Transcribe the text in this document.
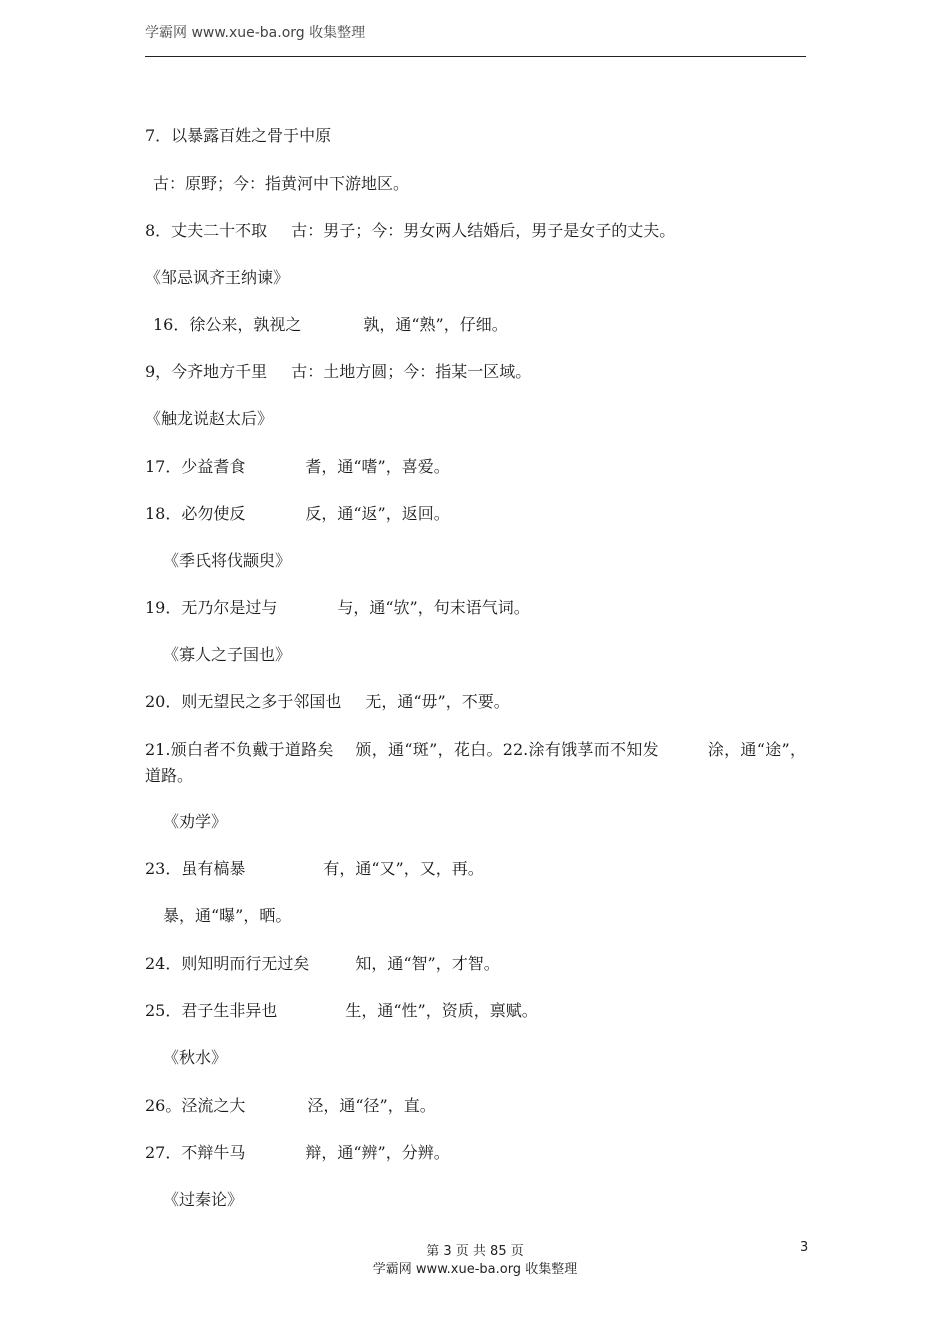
学霸网 www.xue-ba.org 收集整理
7．以暴露百姓之骨于中原
古：原野；今：指黄河中下游地区。
8．丈夫二十不取 古：男子；今：男女两人结婚后，男子是女子的丈夫。
《邹忌讽齐王纳谏》
16．徐公来，孰视之	孰，通“熟”，仔细。
9，今齐地方千里 古：土地方圆；今：指某一区域。
《触龙说赵太后》
17．少益耆食	耆，通“嗜”，喜爱。
18．必勿使反	反，通“返”，返回。
《季氏将伐颛臾》
19．无乃尔是过与	与，通“欤”，句末语气词。
《寡人之子国也》
20．则无望民之多于邻国也 无，通“毋”，不要。
21.颁白者不负戴于道路矣　 颁，通“斑”，花白。22.涂有饿莩而不知发　　　涂，通“途”，道路。
《劝学》
23．虽有槁暴	有，通“又”，又，再。
暴，通“曝”，晒。
24．则知明而行无过矣	知，通“智”，才智。
25．君子生非异也	生，通“性”，资质，禀赋。
《秋水》
26。泾流之大	泾，通“径”，直。
27．不辩牛马	辩，通“辨”，分辨。
《过秦论》
第 3 页 共 85 页
学霸网 www.xue-ba.org 收集整理
3
